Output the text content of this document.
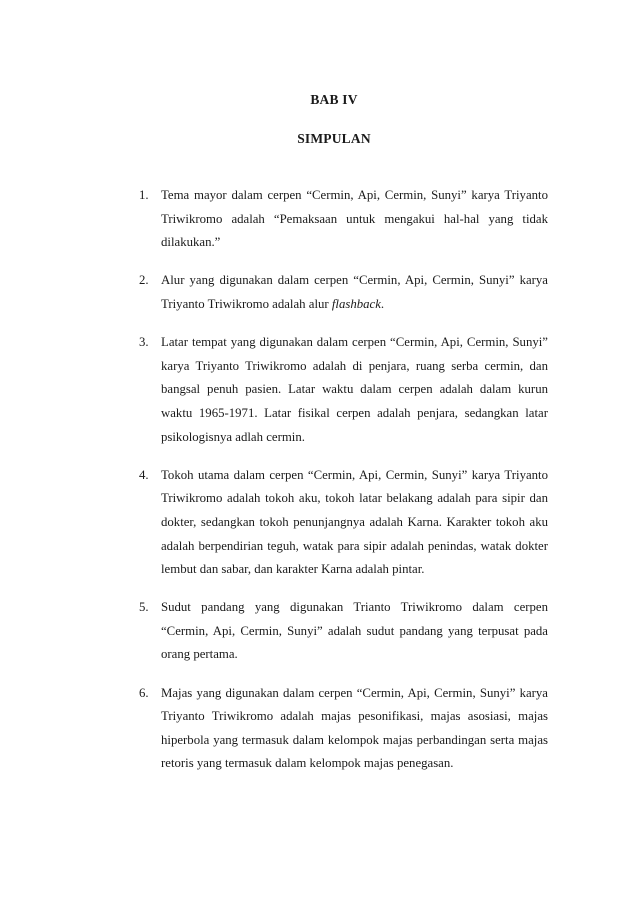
BAB IV
SIMPULAN
1. Tema mayor dalam cerpen “Cermin, Api, Cermin, Sunyi” karya Triyanto Triwikromo adalah “Pemaksaan untuk mengakui hal-hal yang tidak dilakukan.”
2. Alur yang digunakan dalam cerpen “Cermin, Api, Cermin, Sunyi” karya Triyanto Triwikromo adalah alur flashback.
3. Latar tempat yang digunakan dalam cerpen “Cermin, Api, Cermin, Sunyi” karya Triyanto Triwikromo adalah di penjara, ruang serba cermin, dan bangsal penuh pasien. Latar waktu dalam cerpen adalah dalam kurun waktu 1965-1971. Latar fisikal cerpen adalah penjara, sedangkan latar psikologisnya adlah cermin.
4. Tokoh utama dalam cerpen “Cermin, Api, Cermin, Sunyi” karya Triyanto Triwikromo adalah tokoh aku, tokoh latar belakang adalah para sipir dan dokter, sedangkan tokoh penunjangnya adalah Karna. Karakter tokoh aku adalah berpendirian teguh, watak para sipir adalah penindas, watak dokter lembut dan sabar, dan karakter Karna adalah pintar.
5. Sudut pandang yang digunakan Trianto Triwikromo dalam cerpen “Cermin, Api, Cermin, Sunyi” adalah sudut pandang yang terpusat pada orang pertama.
6. Majas yang digunakan dalam cerpen “Cermin, Api, Cermin, Sunyi” karya Triyanto Triwikromo adalah majas pesonifikasi, majas asosiasi, majas hiperbola yang termasuk dalam kelompok majas perbandingan serta majas retoris yang termasuk dalam kelompok majas penegasan.
